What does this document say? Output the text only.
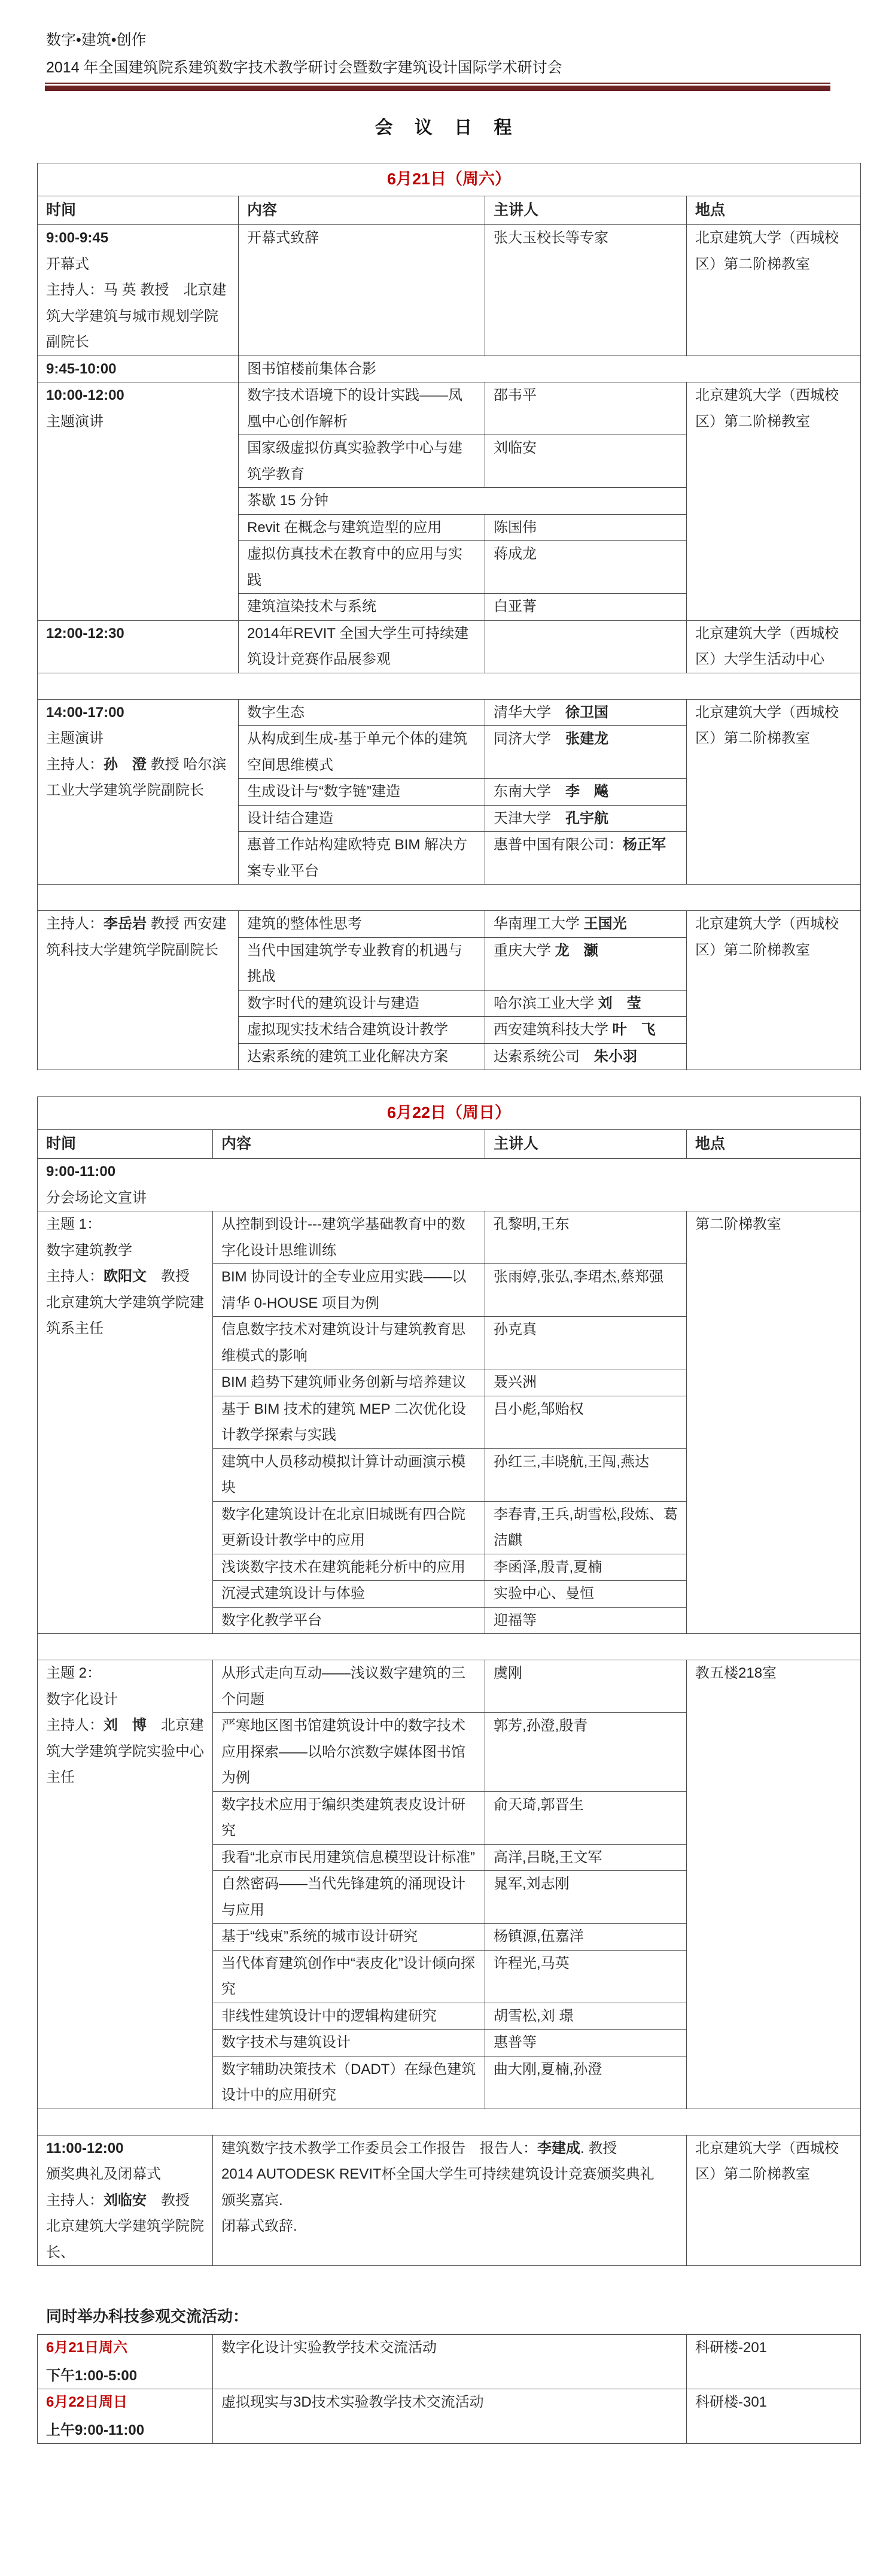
数字•建筑•创作
2014 年全国建筑院系建筑数字技术教学研讨会暨数字建筑设计国际学术研讨会
会 议 日 程
6月21日（周六）			
时间	内容	主讲人	地点

9:00-9:45
开幕式
主持人：马 英 教授　北京建筑大学建筑与城市规划学院副院长	开幕式致辞	张大玉校长等专家	北京建筑大学（西城校区）第二阶梯教室

9:45-10:00	图书馆楼前集体合影		

10:00-12:00
主题演讲	数字技术语境下的设计实践——凤凰中心创作解析	邵韦平	北京建筑大学（西城校区）第二阶梯教室
	国家级虚拟仿真实验教学中心与建筑学教育	刘临安	
	茶歇 15 分钟		
	Revit 在概念与建筑造型的应用	陈国伟	
	虚拟仿真技术在教育中的应用与实践	蒋成龙	
	建筑渲染技术与系统	白亚菁	

12:00-12:30	2014年REVIT 全国大学生可持续建筑设计竞赛作品展参观		北京建筑大学（西城校区）大学生活动中心

14:00-17:00
主题演讲
主持人：孙　澄 教授 哈尔滨工业大学建筑学院副院长	数字生态	清华大学　徐卫国	北京建筑大学（西城校区）第二阶梯教室
	从构成到生成-基于单元个体的建筑空间思维模式	同济大学　张建龙	
	生成设计与“数字链”建造	东南大学　李　飚	
	设计结合建造	天津大学　孔宇航	
	惠普工作站构建欧特克 BIM 解决方案专业平台	惠普中国有限公司：杨正军	

主持人：李岳岩 教授 西安建筑科技大学建筑学院副院长	建筑的整体性思考	华南理工大学 王国光	北京建筑大学（西城校区）第二阶梯教室
	当代中国建筑学专业教育的机遇与挑战	重庆大学 龙　灏	
	数字时代的建筑设计与建造	哈尔滨工业大学 刘　莹	
	虚拟现实技术结合建筑设计教学	西安建筑科技大学 叶　飞	
	达索系统的建筑工业化解决方案	达索系统公司　朱小羽	
6月22日（周日）			
时间	内容	主讲人	地点

9:00-11:00
分会场论文宣讲			

主题 1：
数字建筑教学
主持人：欧阳文　教授 北京建筑大学建筑学院建筑系主任	从控制到设计---建筑学基础教育中的数字化设计思维训练	孔黎明,王东	第二阶梯教室
	BIM 协同设计的全专业应用实践——以清华 0-HOUSE 项目为例	张雨婷,张弘,李珺杰,蔡郑强	
	信息数字技术对建筑设计与建筑教育思维模式的影响	孙克真	
	BIM 趋势下建筑师业务创新与培养建议	聂兴洲	
	基于 BIM 技术的建筑 MEP 二次优化设计教学探索与实践	吕小彪,邹贻权	
	建筑中人员移动模拟计算计动画演示模块	孙红三,丰晓航,王闯,燕达	
	数字化建筑设计在北京旧城既有四合院更新设计教学中的应用	李春青,王兵,胡雪松,段炼、葛洁麒	
	浅谈数字技术在建筑能耗分析中的应用	李函泽,殷青,夏楠	
	沉浸式建筑设计与体验	实验中心、曼恒	
	数字化教学平台	迎福等	

主题 2：
数字化设计
主持人：刘　博　北京建筑大学建筑学院实验中心主任	从形式走向互动——浅议数字建筑的三个问题	虞刚	教五楼218室
	严寒地区图书馆建筑设计中的数字技术应用探索——以哈尔滨数字媒体图书馆为例	郭芳,孙澄,殷青	
	数字技术应用于编织类建筑表皮设计研究	俞天琦,郭晋生	
	我看“北京市民用建筑信息模型设计标准”	高洋,吕晓,王文军	
	自然密码——当代先锋建筑的涌现设计与应用	晁军,刘志刚	
	基于“线束”系统的城市设计研究	杨镇源,伍嘉洋	
	当代体育建筑创作中“表皮化”设计倾向探究	许程光,马英	
	非线性建筑设计中的逻辑构建研究	胡雪松,刘 璟	
	数字技术与建筑设计	惠普等	
	数字辅助决策技术（DADT）在绿色建筑设计中的应用研究	曲大刚,夏楠,孙澄	

11:00-12:00
颁奖典礼及闭幕式
主持人：刘临安　教授 北京建筑大学建筑学院院长、	建筑数字技术教学工作委员会工作报告　报告人：李建成. 教授
2014 AUTODESK REVIT杯全国大学生可持续建筑设计竞赛颁奖典礼
颁奖嘉宾.
闭幕式致辞.		北京建筑大学（西城校区）第二阶梯教室
同时举办科技参观交流活动：
6月21日周六
下午1:00-5:00	数字化设计实验教学技术交流活动	科研楼-201

6月22日周日
上午9:00-11:00	虚拟现实与3D技术实验教学技术交流活动	科研楼-301
